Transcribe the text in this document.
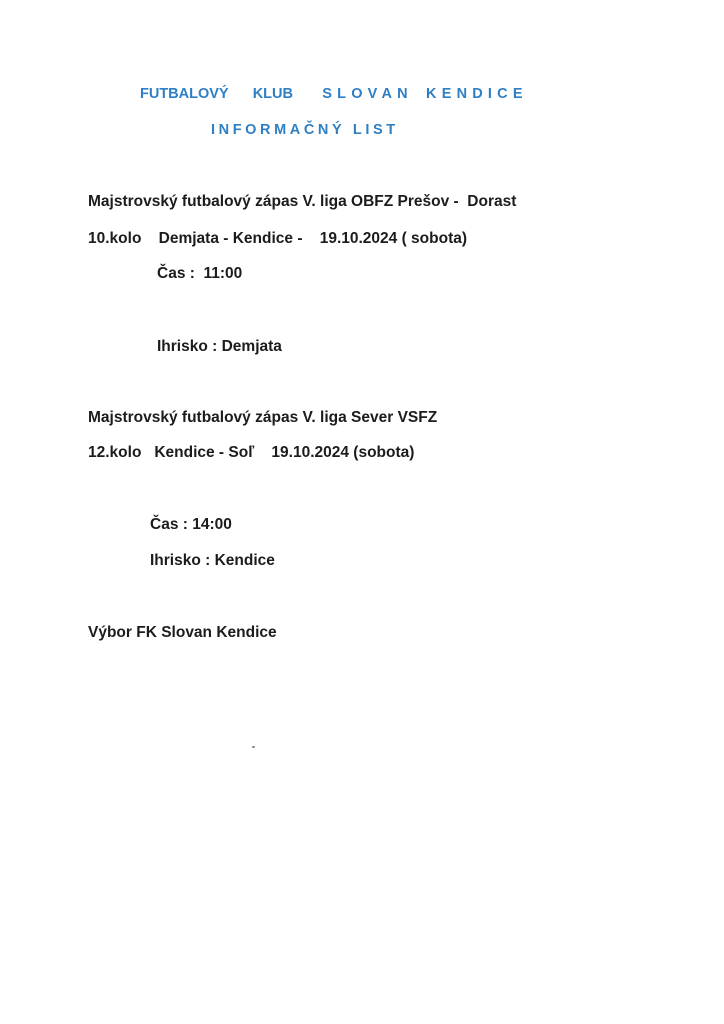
FUTBALOVÝ   KLUB   SLOVAN KENDICE
INFORMAČNÝ LIST
Majstrovský futbalový zápas V. liga OBFZ Prešov -  Dorast
10.kolo    Demjata - Kendice -    19.10.2024 ( sobota)
Čas :  11:00
Ihrisko : Demjata
Majstrovský futbalový zápas V. liga Sever VSFZ
12.kolo   Kendice - Soľ    19.10.2024 (sobota)
Čas : 14:00
Ihrisko : Kendice
Výbor FK Slovan Kendice
